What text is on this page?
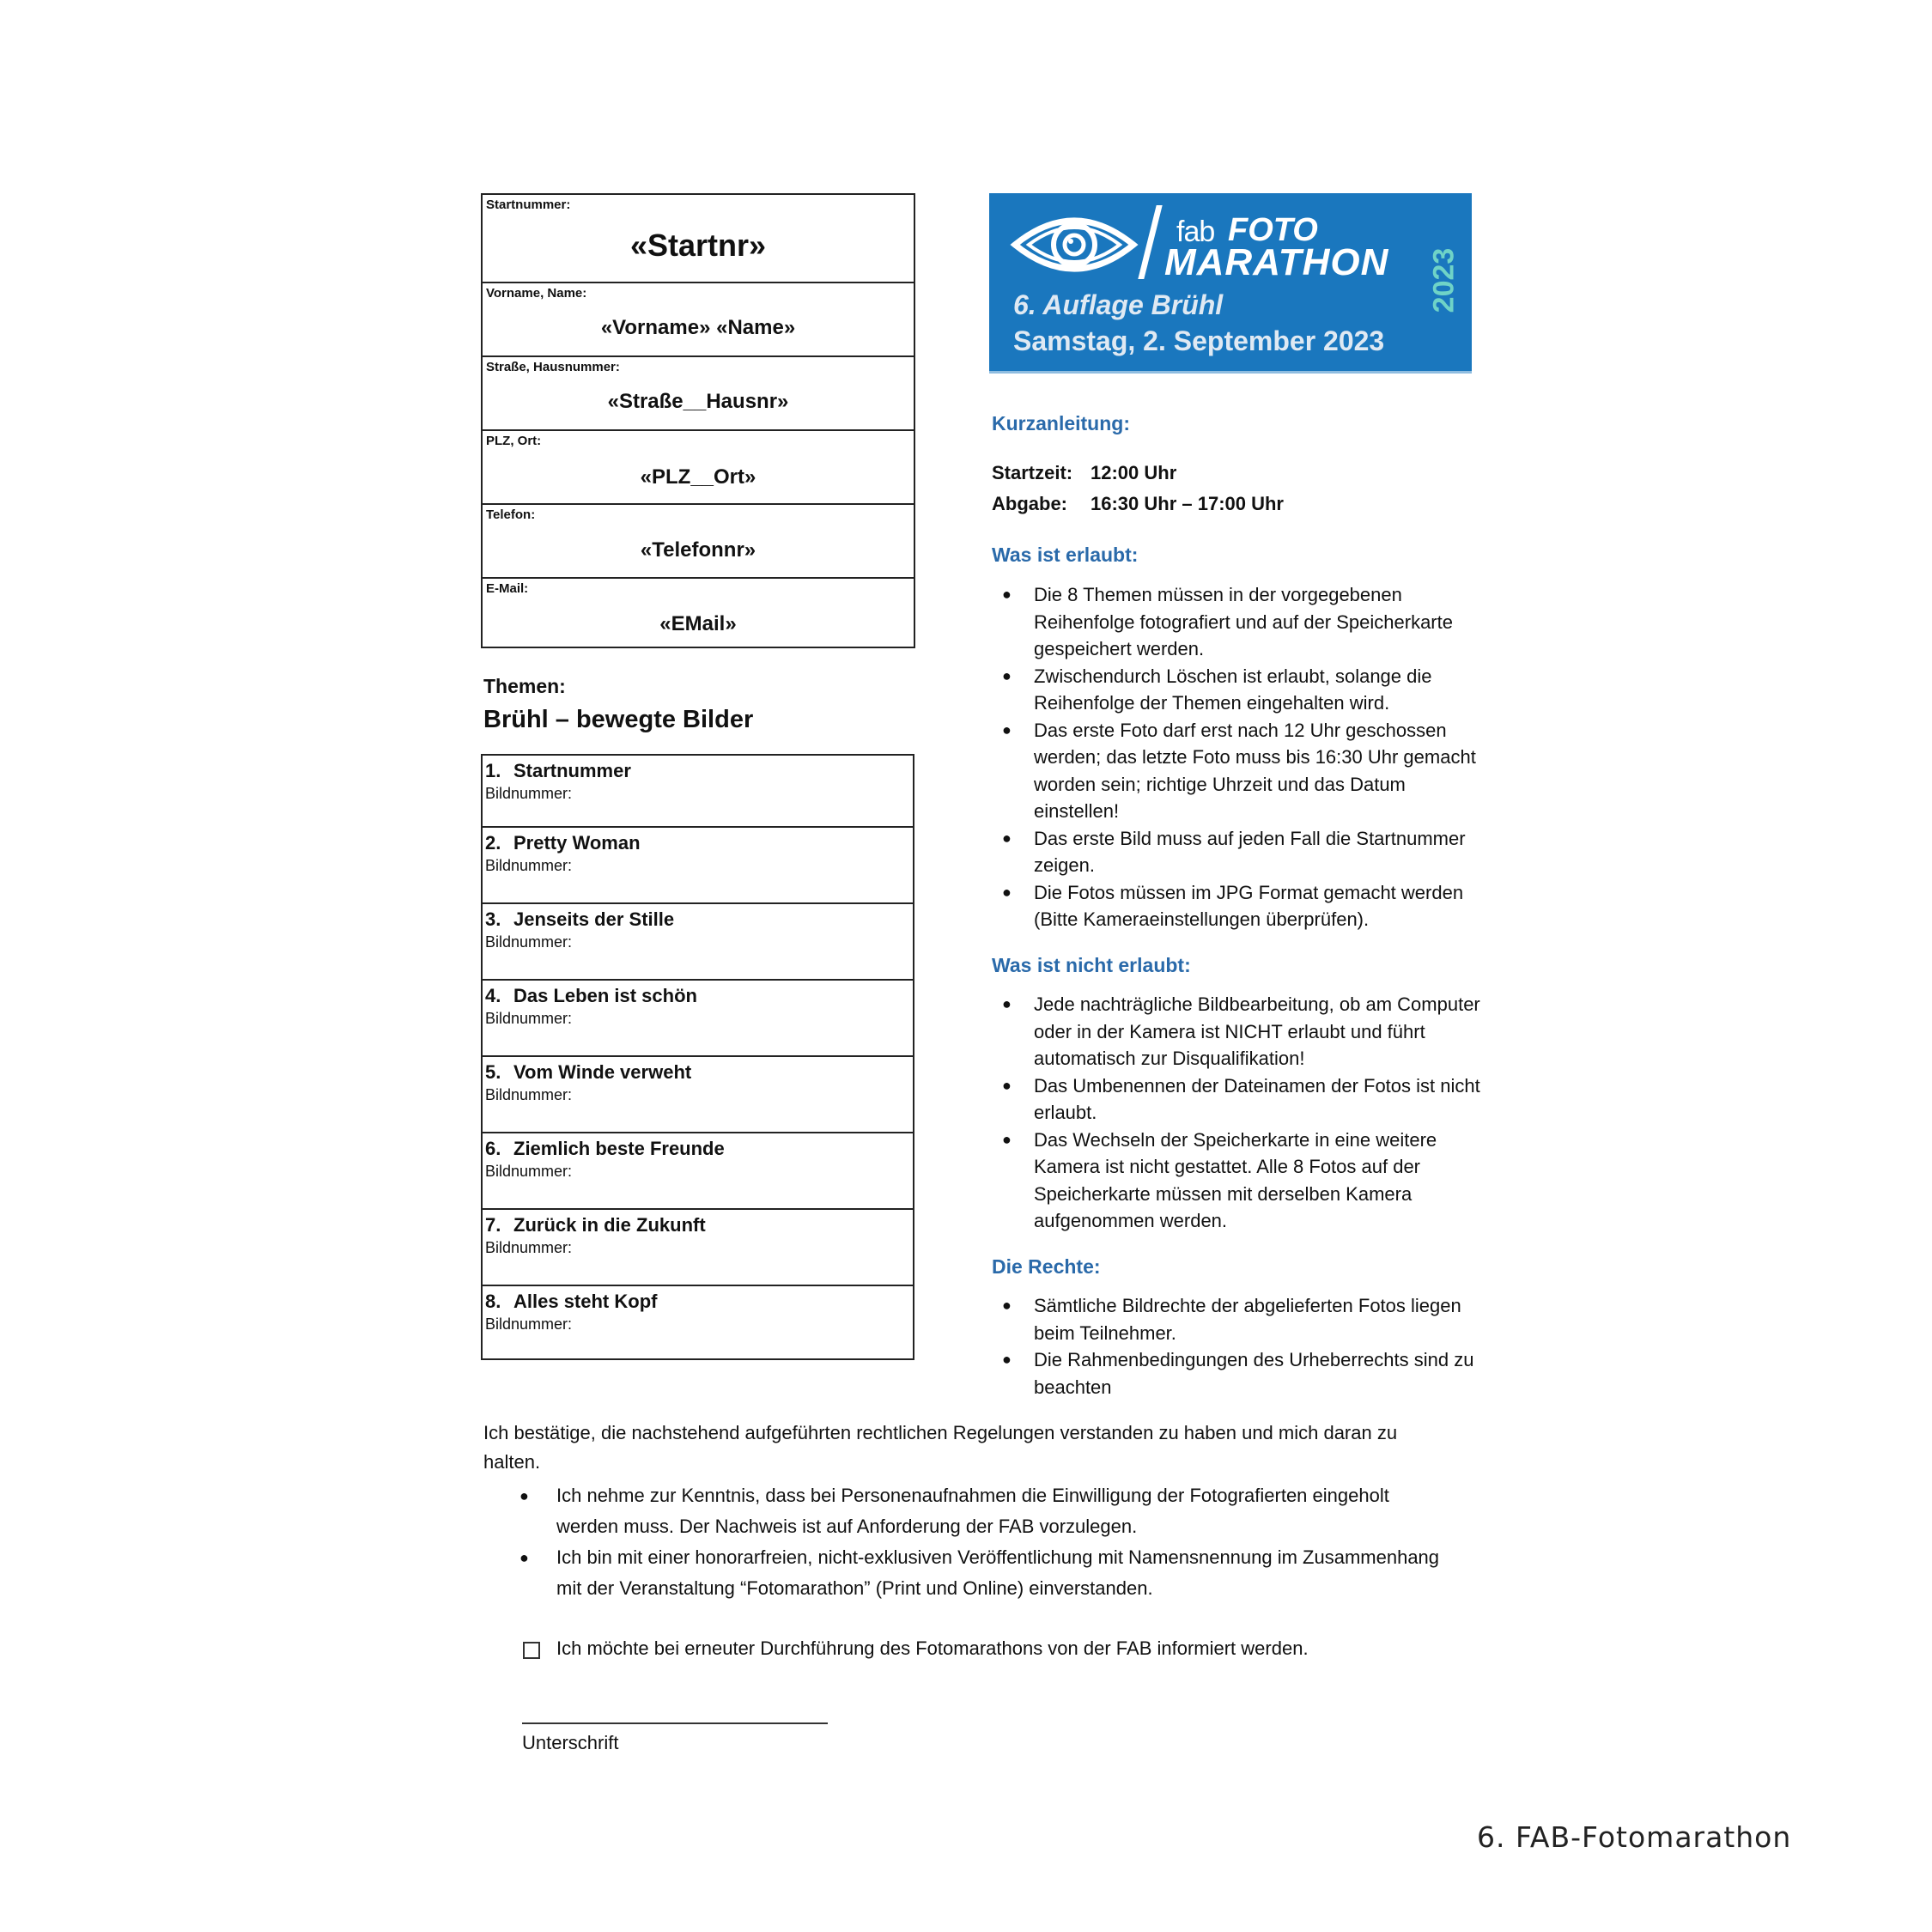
Startnummer:
«Startnr»
Vorname, Name:
«Vorname» «Name»
Straße, Hausnummer:
«Straße__Hausnr»
PLZ, Ort:
«PLZ__Ort»
Telefon:
«Telefonnr»
E-Mail:
«EMail»
Themen:
Brühl – bewegte Bilder
1. Startnummer
Bildnummer:
2. Pretty Woman
Bildnummer:
3. Jenseits der Stille
Bildnummer:
4. Das Leben ist schön
Bildnummer:
5. Vom Winde verweht
Bildnummer:
6. Ziemlich beste Freunde
Bildnummer:
7. Zurück in die Zukunft
Bildnummer:
8. Alles steht Kopf
Bildnummer:
fab FOTO
MARATHON 2023
6. Auflage Brühl
Samstag, 2. September 2023
Kurzanleitung:
Startzeit: 12:00 Uhr
Abgabe: 16:30 Uhr – 17:00 Uhr
Was ist erlaubt:
● Die 8 Themen müssen in der vorgegebenen Reihenfolge fotografiert und auf der Speicherkarte gespeichert werden.
● Zwischendurch Löschen ist erlaubt, solange die Reihenfolge der Themen eingehalten wird.
● Das erste Foto darf erst nach 12 Uhr geschossen werden; das letzte Foto muss bis 16:30 Uhr gemacht worden sein; richtige Uhrzeit und das Datum einstellen!
● Das erste Bild muss auf jeden Fall die Startnummer zeigen.
● Die Fotos müssen im JPG Format gemacht werden (Bitte Kameraeinstellungen überprüfen).
Was ist nicht erlaubt:
● Jede nachträgliche Bildbearbeitung, ob am Computer oder in der Kamera ist NICHT erlaubt und führt automatisch zur Disqualifikation!
● Das Umbenennen der Dateinamen der Fotos ist nicht erlaubt.
● Das Wechseln der Speicherkarte in eine weitere Kamera ist nicht gestattet. Alle 8 Fotos auf der Speicherkarte müssen mit derselben Kamera aufgenommen werden.
Die Rechte:
● Sämtliche Bildrechte der abgelieferten Fotos liegen beim Teilnehmer.
● Die Rahmenbedingungen des Urheberrechts sind zu beachten
Ich bestätige, die nachstehend aufgeführten rechtlichen Regelungen verstanden zu haben und mich daran zu halten.
● Ich nehme zur Kenntnis, dass bei Personenaufnahmen die Einwilligung der Fotografierten eingeholt werden muss. Der Nachweis ist auf Anforderung der FAB vorzulegen.
● Ich bin mit einer honorarfreien, nicht-exklusiven Veröffentlichung mit Namensnennung im Zusammenhang mit der Veranstaltung “Fotomarathon” (Print und Online) einverstanden.
Ich möchte bei erneuter Durchführung des Fotomarathons von der FAB informiert werden.
Unterschrift
6. FAB-Fotomarathon
